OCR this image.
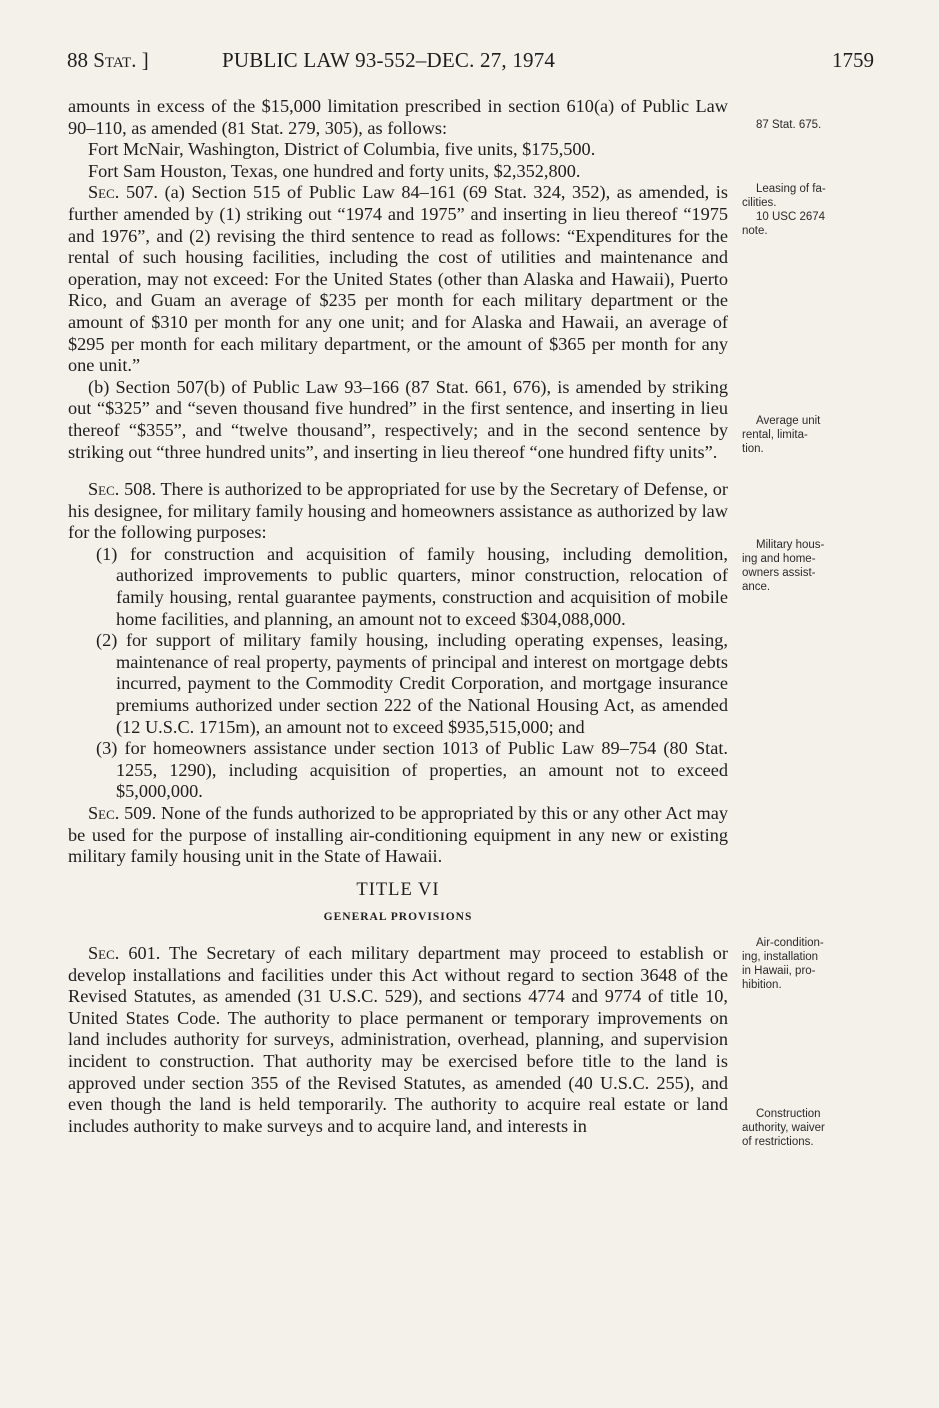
88 Stat. ]	PUBLIC LAW 93-552–DEC. 27, 1974	1759

amounts in excess of the $15,000 limitation prescribed in section 610(a) of Public Law 90–110, as amended (81 Stat. 279, 305), as follows:

Fort McNair, Washington, District of Columbia, five units, $175,500.

Fort Sam Houston, Texas, one hundred and forty units, $2,352,800.

Sec. 507. (a) Section 515 of Public Law 84–161 (69 Stat. 324, 352), as amended, is further amended by (1) striking out “1974 and 1975” and inserting in lieu thereof “1975 and 1976”, and (2) revising the third sentence to read as follows: “Expenditures for the rental of such housing facilities, including the cost of utilities and maintenance and operation, may not exceed: For the United States (other than Alaska and Hawaii), Puerto Rico, and Guam an average of $235 per month for each military department or the amount of $310 per month for any one unit; and for Alaska and Hawaii, an average of $295 per month for each military department, or the amount of $365 per month for any one unit.”

(b) Section 507(b) of Public Law 93–166 (87 Stat. 661, 676), is amended by striking out “$325” and “seven thousand five hundred” in the first sentence, and inserting in lieu thereof “$355”, and “twelve thousand”, respectively; and in the second sentence by striking out “three hundred units”, and inserting in lieu thereof “one hundred fifty units”.

Sec. 508. There is authorized to be appropriated for use by the Secretary of Defense, or his designee, for military family housing and homeowners assistance as authorized by law for the following purposes:

(1) for construction and acquisition of family housing, including demolition, authorized improvements to public quarters, minor construction, relocation of family housing, rental guarantee payments, construction and acquisition of mobile home facilities, and planning, an amount not to exceed $304,088,000.

(2) for support of military family housing, including operating expenses, leasing, maintenance of real property, payments of principal and interest on mortgage debts incurred, payment to the Commodity Credit Corporation, and mortgage insurance premiums authorized under section 222 of the National Housing Act, as amended (12 U.S.C. 1715m), an amount not to exceed $935,515,000; and

(3) for homeowners assistance under section 1013 of Public Law 89–754 (80 Stat. 1255, 1290), including acquisition of properties, an amount not to exceed $5,000,000.

Sec. 509. None of the funds authorized to be appropriated by this or any other Act may be used for the purpose of installing air-conditioning equipment in any new or existing military family housing unit in the State of Hawaii.

TITLE VI

GENERAL PROVISIONS

Sec. 601. The Secretary of each military department may proceed to establish or develop installations and facilities under this Act without regard to section 3648 of the Revised Statutes, as amended (31 U.S.C. 529), and sections 4774 and 9774 of title 10, United States Code. The authority to place permanent or temporary improvements on land includes authority for surveys, administration, overhead, planning, and supervision incident to construction. That authority may be exercised before title to the land is approved under section 355 of the Revised Statutes, as amended (40 U.S.C. 255), and even though the land is held temporarily. The authority to acquire real estate or land includes authority to make surveys and to acquire land, and interests in

87 Stat. 675.
Leasing of fa-
cilities.
10 USC 2674
note.
Average unit
rental, limita-
tion.
Military hous-
ing and home-
owners assist-
ance.
Air-condition-
ing, installation
in Hawaii, pro-
hibition.
Construction
authority, waiver
of restrictions.
